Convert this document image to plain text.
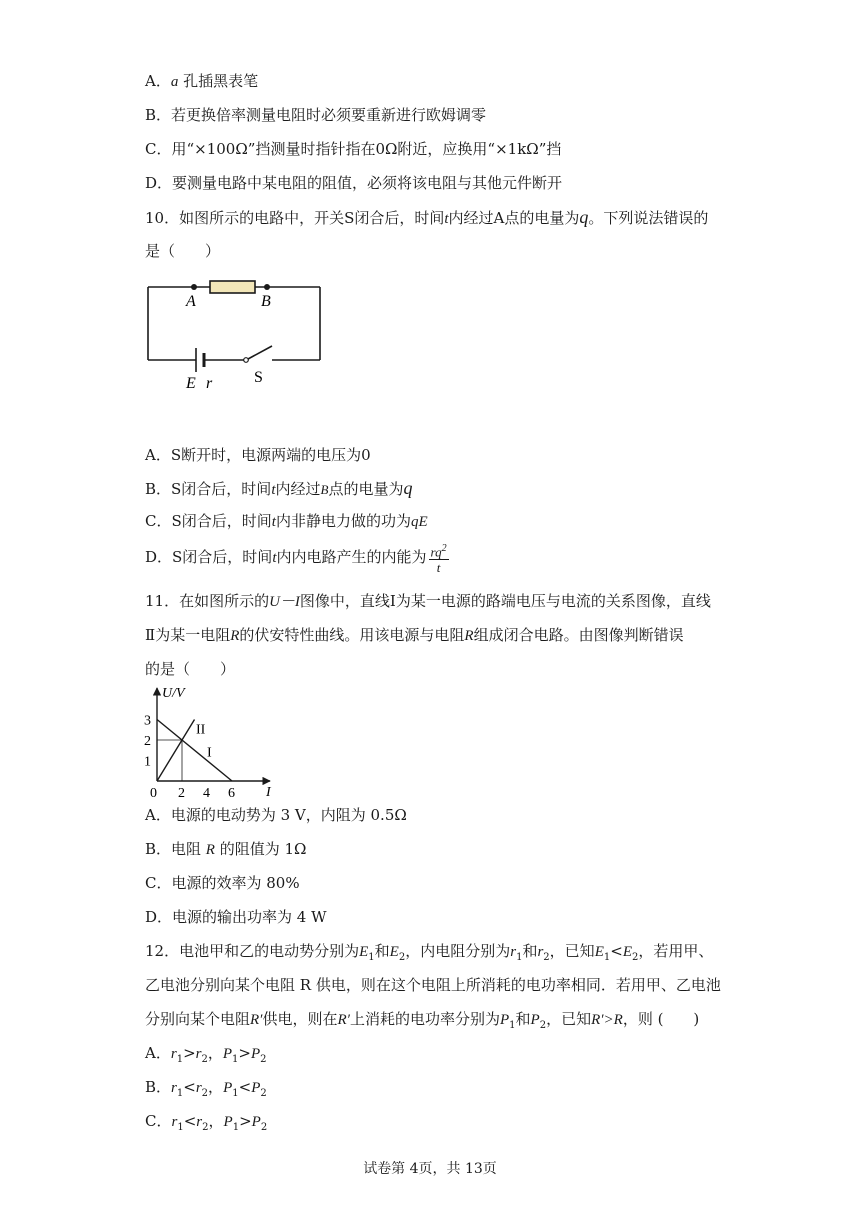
A．a 孔插黑表笔
B．若更换倍率测量电阻时必须要重新进行欧姆调零
C．用“×100Ω”挡测量时指针指在0Ω附近，应换用“×1kΩ”挡
D．要测量电路中某电阻的阻值，必须将该电阻与其他元件断开
10．如图所示的电路中，开关S闭合后，时间t内经过A点的电量为q。下列说法错误的
是（　　）
A	B
E r	S
A．S断开时，电源两端的电压为0
B．S闭合后，时间t内经过B点的电量为q
C．S闭合后，时间t内非静电力做的功为qE
D．S闭合后，时间t内内电路产生的内能为 $\frac{rq^2}{t}$
11．在如图所示的U－I图像中，直线Ⅰ为某一电源的路端电压与电流的关系图像，直线
Ⅱ为某一电阻R的伏安特性曲线。用该电源与电阻R组成闭合电路。由图像判断错误
的是（　　）
1
2
3
2 4 6
0
U/V
I
II
I
A．电源的电动势为 3 V，内阻为 0.5Ω
B．电阻 R 的阻值为 1Ω
C．电源的效率为 80%
D．电源的输出功率为 4 W
12．电池甲和乙的电动势分别为$E_1$和$E_2$，内电阻分别为$r_1$和$r_2$，已知$E_1<E_2$，若用甲、
乙电池分别向某个电阻 R 供电，则在这个电阻上所消耗的电功率相同．若用甲、乙电池
分别向某个电阻R′供电，则在R′上消耗的电功率分别为$P_1$和$P_2$，已知R′>R，则 (　　)
A．$r_1>r_2$，$P_1>P_2$
B．$r_1<r_2$，$P_1<P_2$
C．$r_1<r_2$，$P_1>P_2$
试卷第 4页，共 13页
